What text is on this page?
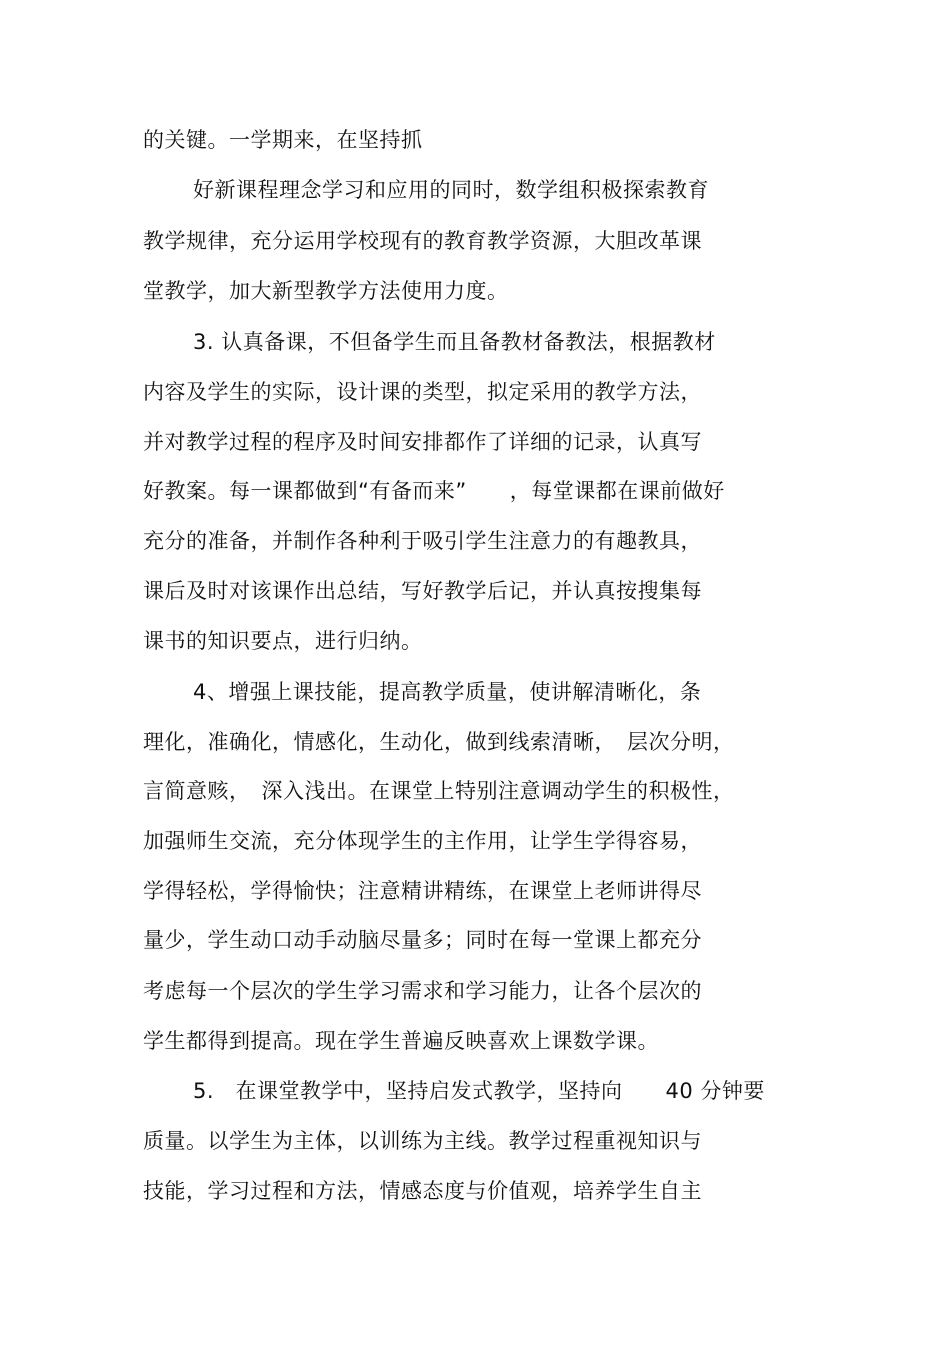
的关键。一学期来，在坚持抓
好新课程理念学习和应用的同时，数学组积极探索教育
教学规律，充分运用学校现有的教育教学资源，大胆改革课
堂教学，加大新型教学方法使用力度。
3. 认真备课，不但备学生而且备教材备教法，根据教材
内容及学生的实际，设计课的类型，拟定采用的教学方法，
并对教学过程的程序及时间安排都作了详细的记录，认真写
好教案。每一课都做到“有备而来”　　，每堂课都在课前做好
充分的准备，并制作各种利于吸引学生注意力的有趣教具，
课后及时对该课作出总结，写好教学后记，并认真按搜集每
课书的知识要点，进行归纳。
4、增强上课技能，提高教学质量，使讲解清晰化，条
理化，准确化，情感化，生动化，做到线索清晰，　层次分明，
言简意赅，　深入浅出。在课堂上特别注意调动学生的积极性，
加强师生交流，充分体现学生的主作用，让学生学得容易，
学得轻松，学得愉快；注意精讲精练，在课堂上老师讲得尽
量少，学生动口动手动脑尽量多；同时在每一堂课上都充分
考虑每一个层次的学生学习需求和学习能力，让各个层次的
学生都得到提高。现在学生普遍反映喜欢上课数学课。
5.　在课堂教学中，坚持启发式教学，坚持向　　40 分钟要
质量。以学生为主体，以训练为主线。教学过程重视知识与
技能，学习过程和方法，情感态度与价值观，培养学生自主
